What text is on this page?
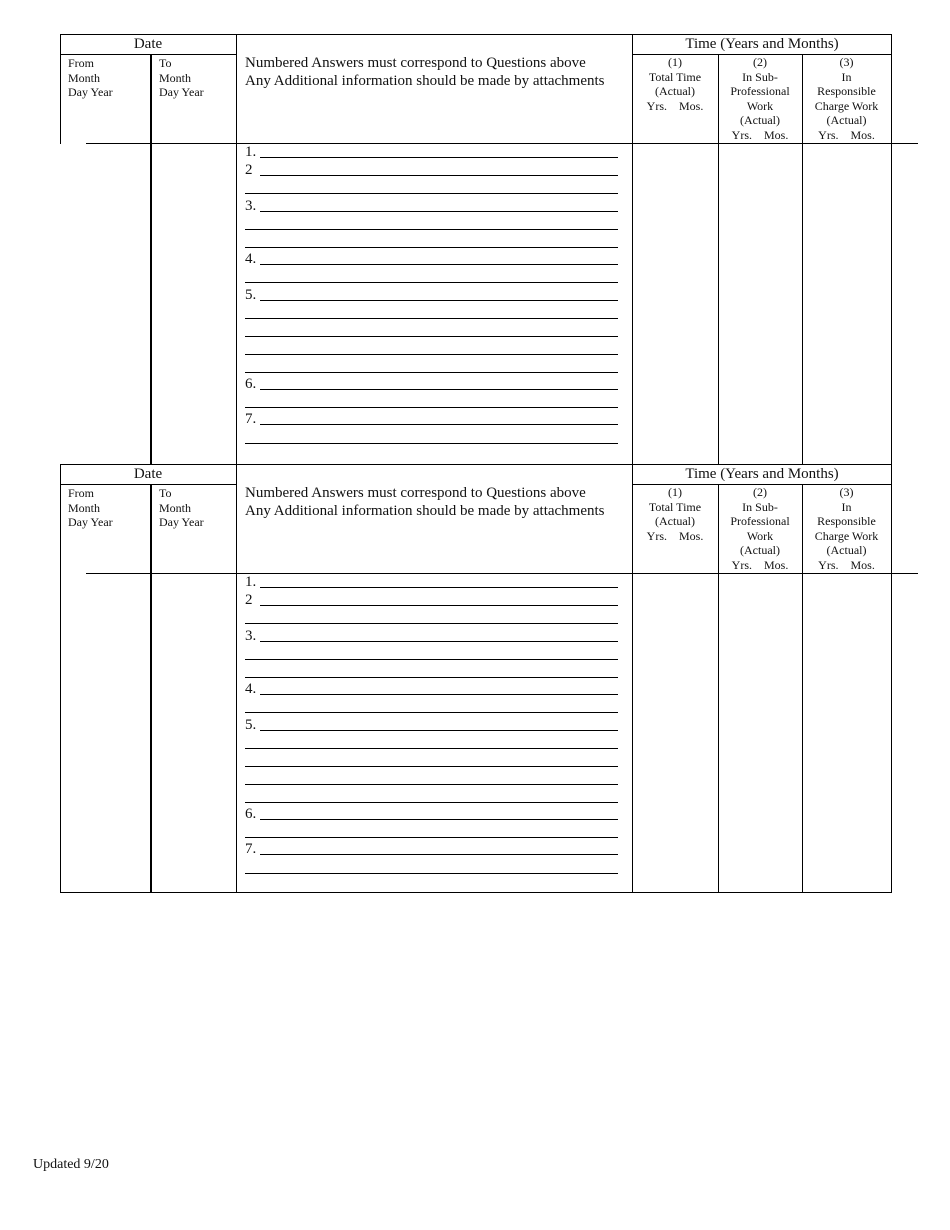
Date
From
Month
Day Year
To
Month
Day Year
Numbered Answers must correspond to Questions above
Any Additional information should be made by attachments
Time (Years and Months)
(1)
Total Time
(Actual)
Yrs.    Mos.
(2)
In Sub-
Professional
Work
(Actual)
Yrs.    Mos.
(3)
In
Responsible
Charge Work
(Actual)
Yrs.    Mos.
1.
2
3.
4.
5.
6.
7.
Date
From
Month
Day Year
To
Month
Day Year
Numbered Answers must correspond to Questions above
Any Additional information should be made by attachments
Time (Years and Months)
(1)
Total Time
(Actual)
Yrs.    Mos.
(2)
In Sub-
Professional
Work
(Actual)
Yrs.    Mos.
(3)
In
Responsible
Charge Work
(Actual)
Yrs.    Mos.
1.
2
3.
4.
5.
6.
7.
Updated 9/20
